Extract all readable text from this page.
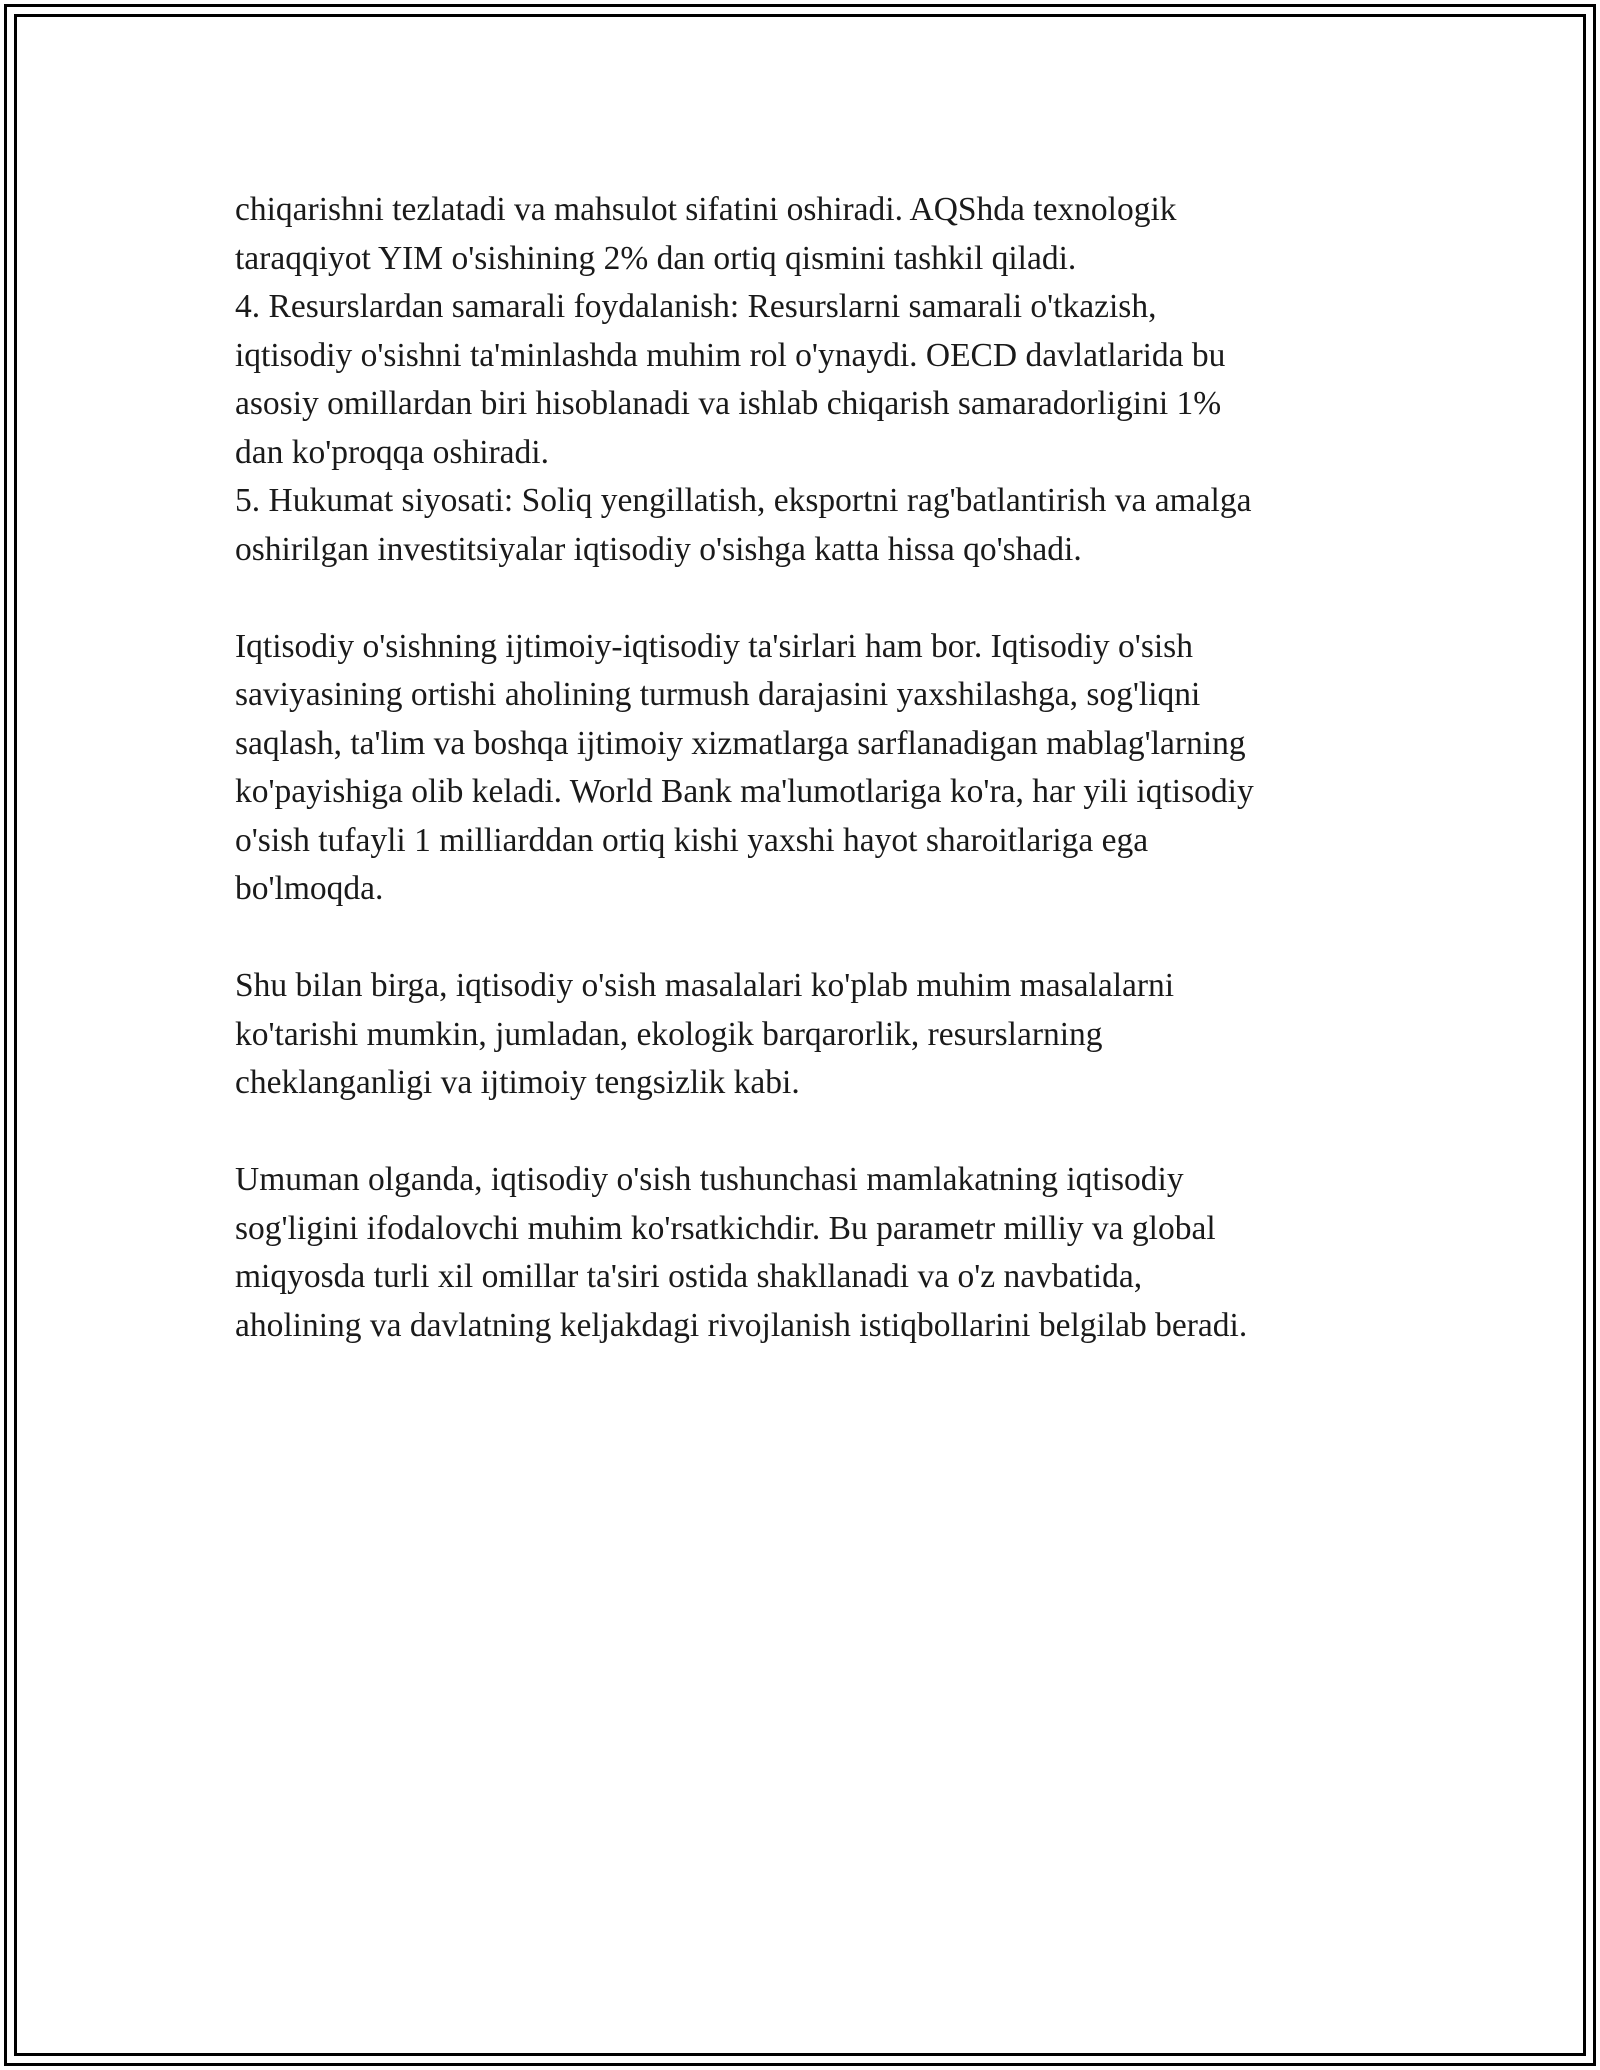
chiqarishni tezlatadi va mahsulot sifatini oshiradi. AQShda texnologik
taraqqiyot YIM o'sishining 2% dan ortiq qismini tashkil qiladi.
4. Resurslardan samarali foydalanish: Resurslarni samarali o'tkazish,
iqtisodiy o'sishni ta'minlashda muhim rol o'ynaydi. OECD davlatlarida bu
asosiy omillardan biri hisoblanadi va ishlab chiqarish samaradorligini 1%
dan ko'proqqa oshiradi.
5. Hukumat siyosati: Soliq yengillatish, eksportni rag'batlantirish va amalga
oshirilgan investitsiyalar iqtisodiy o'sishga katta hissa qo'shadi.
Iqtisodiy o'sishning ijtimoiy-iqtisodiy ta'sirlari ham bor. Iqtisodiy o'sish
saviyasining ortishi aholining turmush darajasini yaxshilashga, sog'liqni
saqlash, ta'lim va boshqa ijtimoiy xizmatlarga sarflanadigan mablag'larning
ko'payishiga olib keladi. World Bank ma'lumotlariga ko'ra, har yili iqtisodiy
o'sish tufayli 1 milliarddan ortiq kishi yaxshi hayot sharoitlariga ega
bo'lmoqda.
Shu bilan birga, iqtisodiy o'sish masalalari ko'plab muhim masalalarni
ko'tarishi mumkin, jumladan, ekologik barqarorlik, resurslarning
cheklanganligi va ijtimoiy tengsizlik kabi.
Umuman olganda, iqtisodiy o'sish tushunchasi mamlakatning iqtisodiy
sog'ligini ifodalovchi muhim ko'rsatkichdir. Bu parametr milliy va global
miqyosda turli xil omillar ta'siri ostida shakllanadi va o'z navbatida,
aholining va davlatning keljakdagi rivojlanish istiqbollarini belgilab beradi.
